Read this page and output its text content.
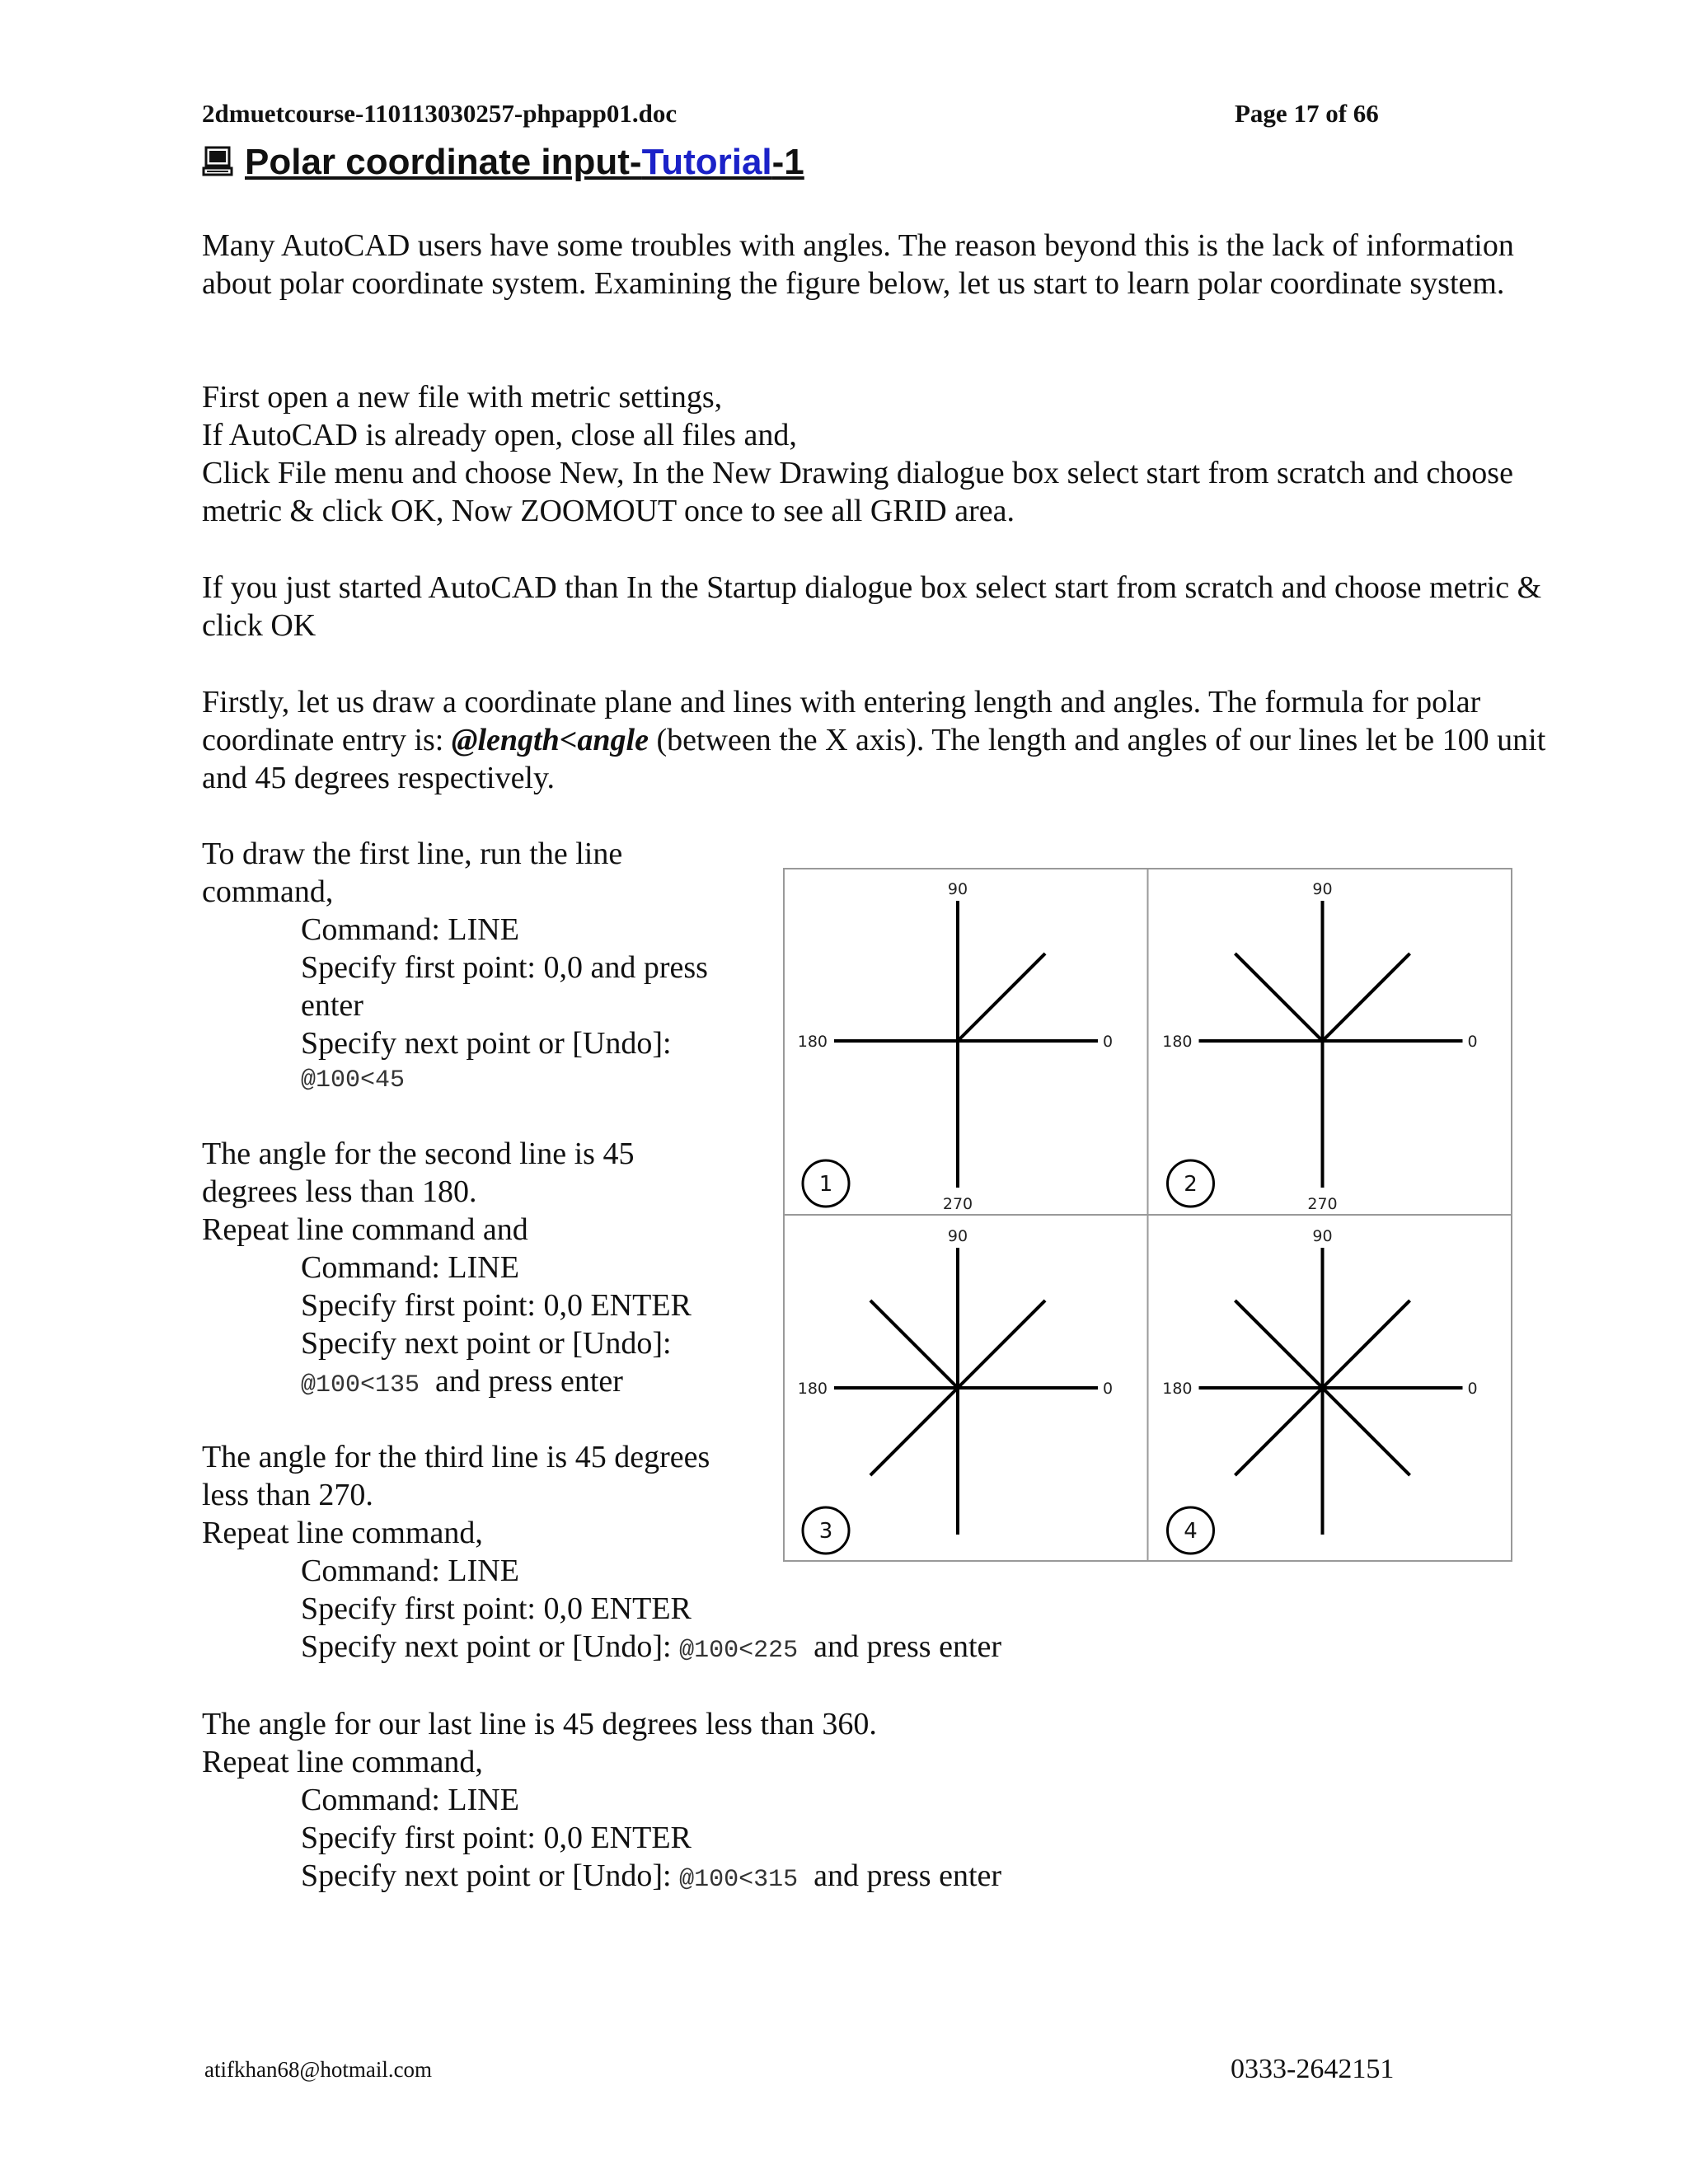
2dmuetcourse-110113030257-phpapp01.doc	Page 17 of 66
Polar coordinate input-Tutorial-1

Many AutoCAD users have some troubles with angles. The reason beyond this is the lack of information about polar coordinate system. Examining the figure below, let us start to learn polar coordinate system.

First open a new file with metric settings,
If AutoCAD is already open, close all files and,

Click File menu and choose New, In the New Drawing dialogue box select start from scratch and choose metric & click OK, Now ZOOMOUT once to see all GRID area.

If you just started AutoCAD than In the Startup dialogue box select start from scratch and choose metric & click OK

Firstly, let us draw a coordinate plane and lines with entering length and angles. The formula for polar coordinate entry is: @length<angle (between the X axis). The length and angles of our lines let be 100 unit and 45 degrees respectively.

To draw the first line, run the line
command,
Command: LINE
Specify first point: 0,0 and press
enter
Specify next point or [Undo]:
@100<45
The angle for the second line is 45
degrees less than 180.
Repeat line command and
Command: LINE
Specify first point: 0,0 ENTER
Specify next point or [Undo]:
@100<135 and press enter
The angle for the third line is 45 degrees
less than 270.
Repeat line command,
Command: LINE
Specify first point: 0,0 ENTER
Specify next point or [Undo]: @100<225 and press enter
The angle for our last line is 45 degrees less than 360.
Repeat line command,
Command: LINE
Specify first point: 0,0 ENTER
Specify next point or [Undo]: @100<315 and press enter
90
180	0
270
1
90
180	0
270
2
90
180	0
3
90
180	0
4
atifkhan68@hotmail.com	0333-2642151
